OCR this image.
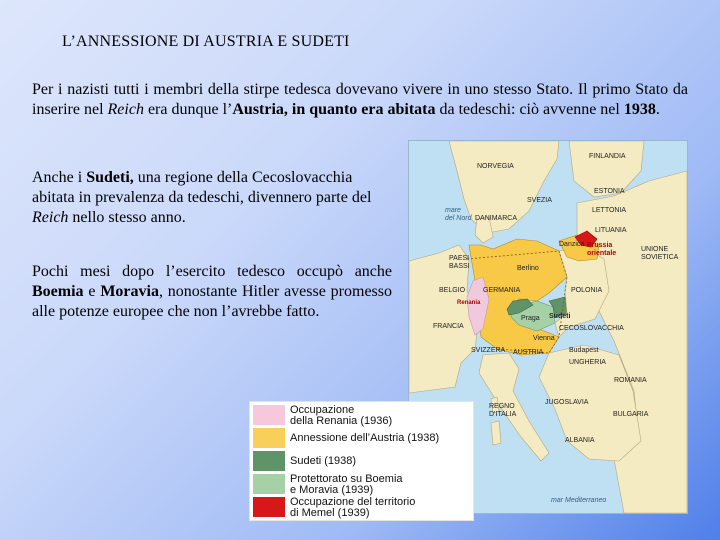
L’ANNESSIONE DI AUSTRIA E SUDETI

Per i nazisti tutti i membri della stirpe tedesca dovevano vivere in uno stesso Stato. Il primo Stato da inserire nel Reich era dunque l’Austria, in quanto era abitata da tedeschi: ciò avvenne nel 1938.

Anche i Sudeti, una regione della Cecoslovacchia abitata in prevalenza da tedeschi, divennero parte del Reich nello stesso anno.

Pochi mesi dopo l’esercito tedesco occupò anche Boemia e Moravia, nonostante Hitler avesse promesso alle potenze europee che non l’avrebbe fatto.

FINLANDIA
NORVEGIA
SVEZIA
ESTONIA
LETTONIA
mare
del Nord DANIMARCA
LITUANIA
Danzica Prussia
orientale
UNIONE
SOVIETICA
PAESI
BASSI	Berlino
BELGIO	GERMANIA	POLONIA
Renania
Praga Sudeti
FRANCIA	CECOSLOVACCHIA
SVIZZERA
Vienna
AUSTRIA	Budapest
UNGHERIA
ROMANIA
REGNO
D'ITALIA
JUGOSLAVIA
BULGARIA
ALBANIA
mar Mediterraneo
Occupazione
della Renania (1936)
Annessione dell’Austria (1938)
Sudeti (1938)
Protettorato su Boemia
e Moravia (1939)
Occupazione del territorio
di Memel (1939)
